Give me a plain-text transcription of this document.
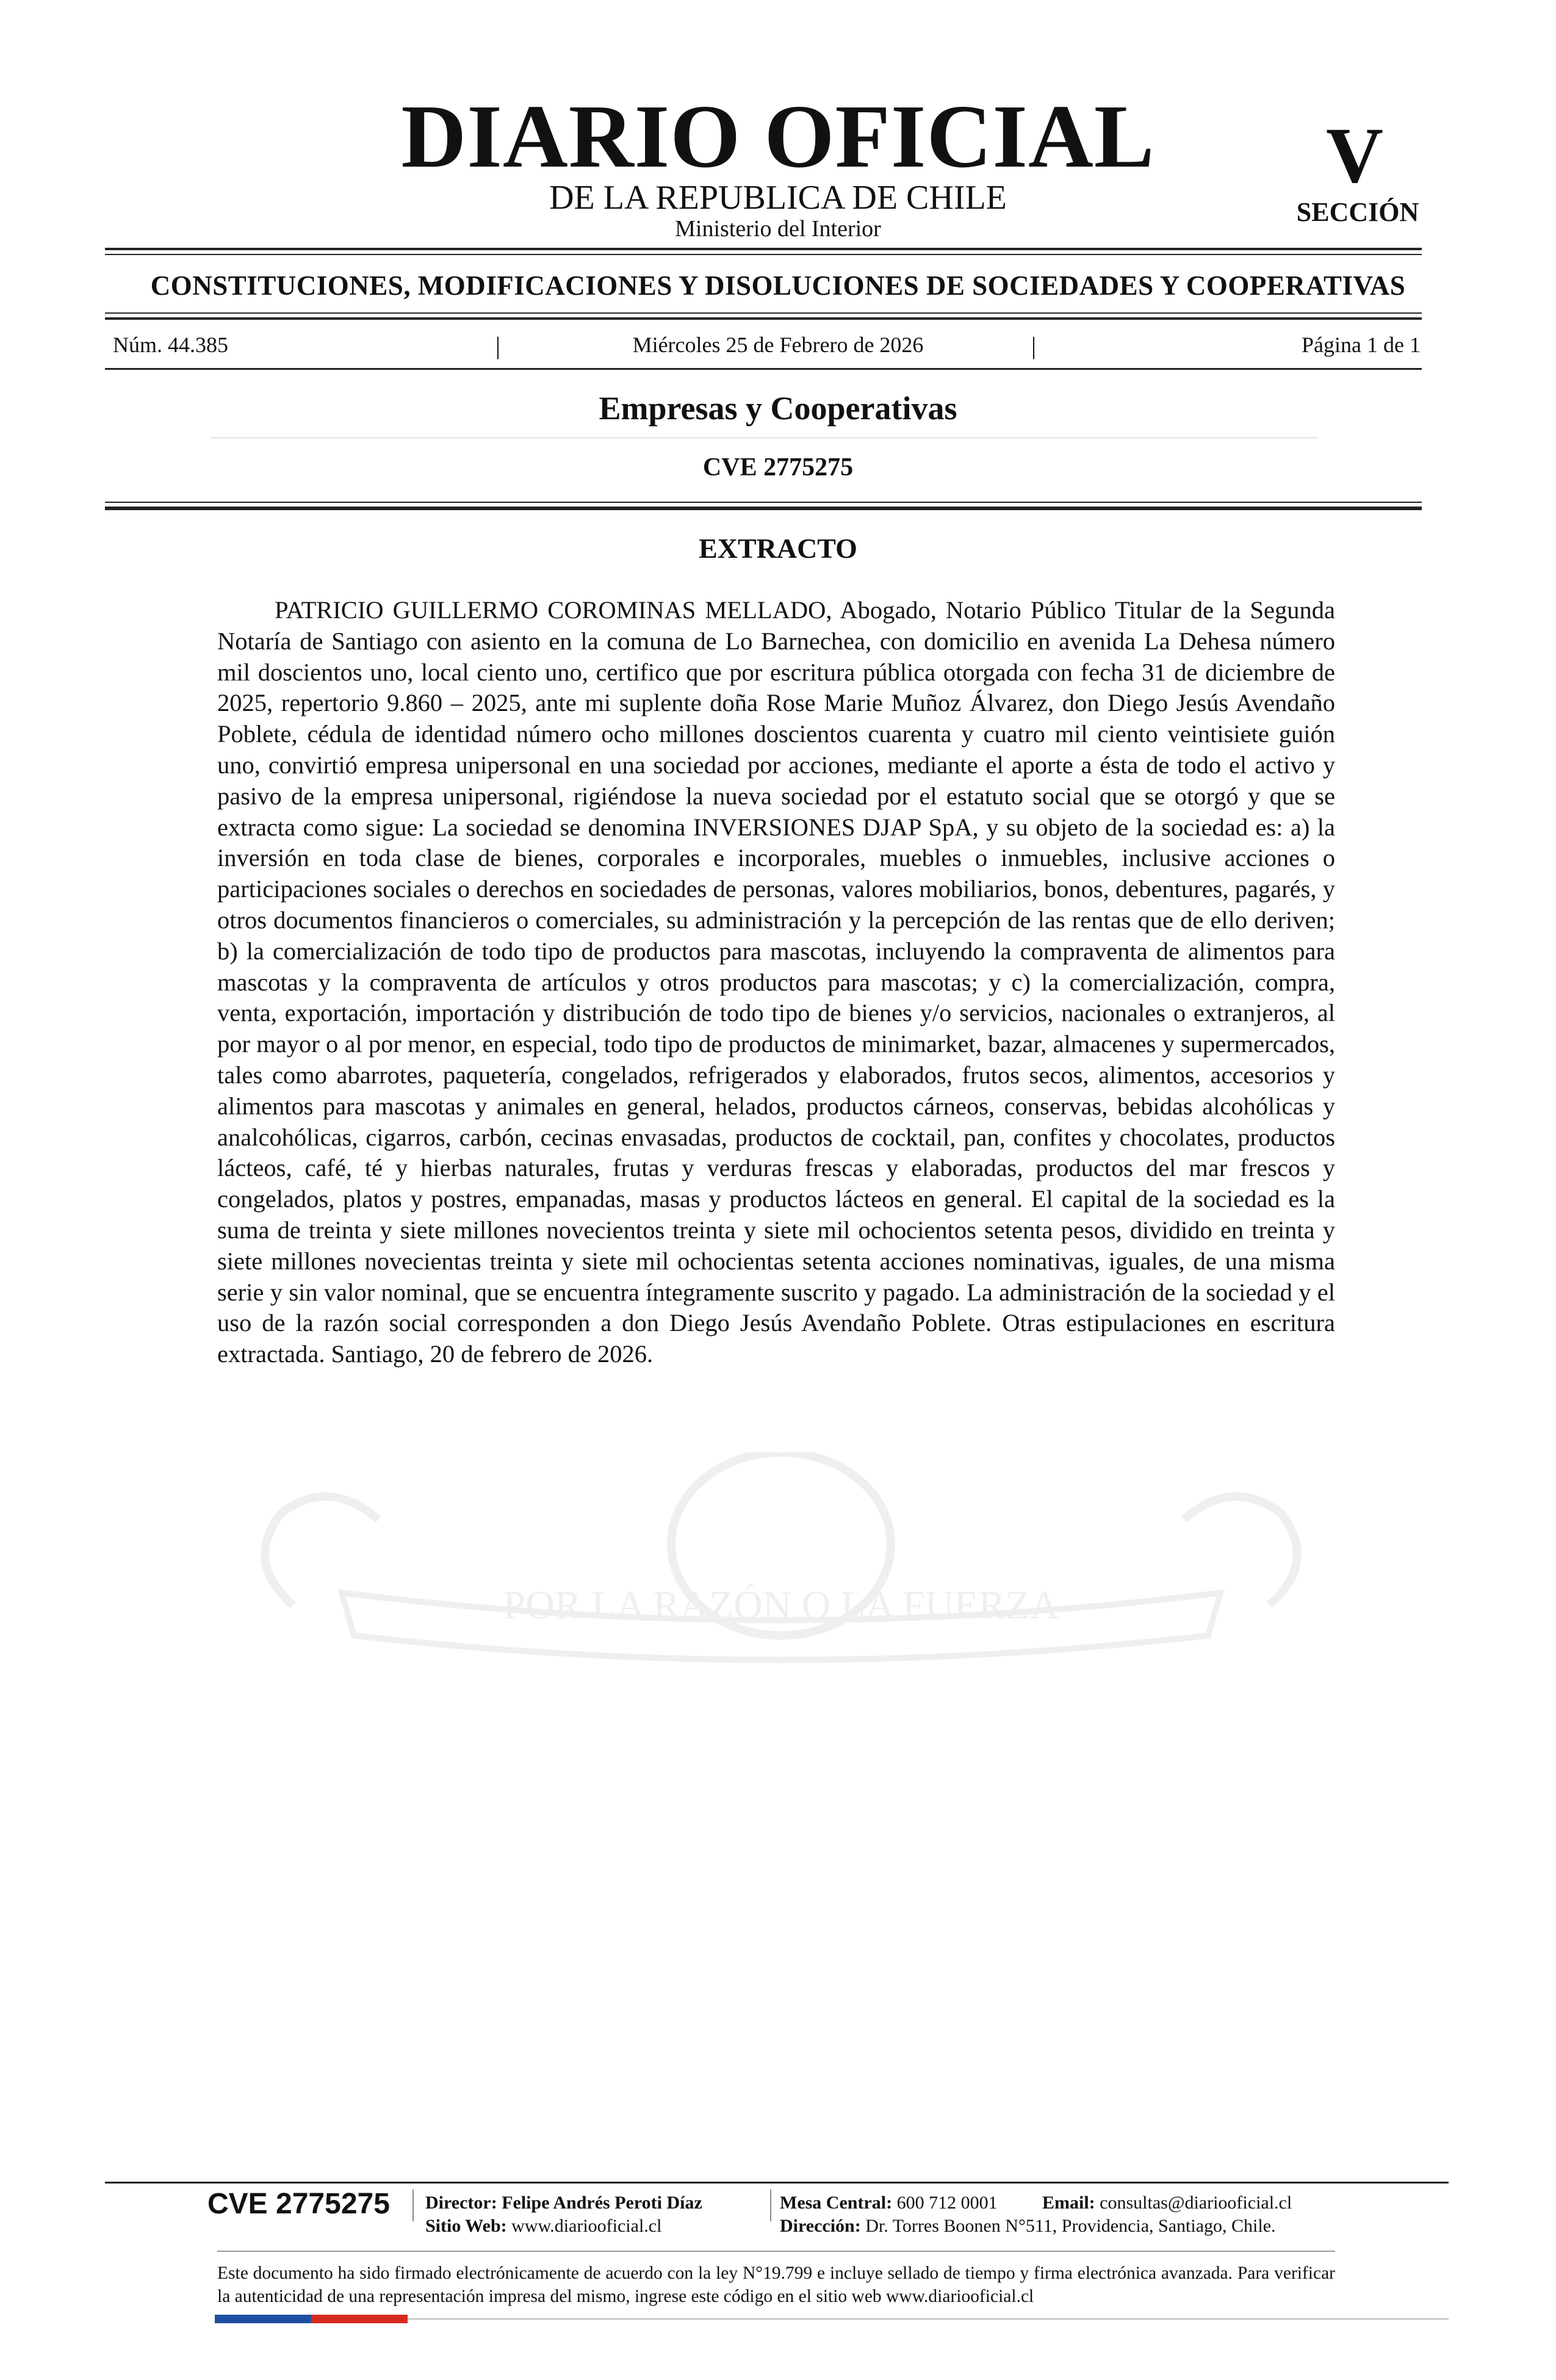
DIARIO OFICIAL
DE LA REPUBLICA DE CHILE
Ministerio del Interior
V
SECCIÓN
CONSTITUCIONES, MODIFICACIONES Y DISOLUCIONES DE SOCIEDADES Y COOPERATIVAS
Núm. 44.385	|	Miércoles 25 de Febrero de 2026	|	Página 1 de 1
Empresas y Cooperativas
CVE 2775275
EXTRACTO
PATRICIO GUILLERMO COROMINAS MELLADO, Abogado, Notario Público Titular de la Segunda Notaría de Santiago con asiento en la comuna de Lo Barnechea, con domicilio en avenida La Dehesa número mil doscientos uno, local ciento uno, certifico que por escritura pública otorgada con fecha 31 de diciembre de 2025, repertorio 9.860 – 2025, ante mi suplente doña Rose Marie Muñoz Álvarez, don Diego Jesús Avendaño Poblete, cédula de identidad número ocho millones doscientos cuarenta y cuatro mil ciento veintisiete guión uno, convirtió empresa unipersonal en una sociedad por acciones, mediante el aporte a ésta de todo el activo y pasivo de la empresa unipersonal, rigiéndose la nueva sociedad por el estatuto social que se otorgó y que se extracta como sigue: La sociedad se denomina INVERSIONES DJAP SpA, y su objeto de la sociedad es: a) la inversión en toda clase de bienes, corporales e incorporales, muebles o inmuebles, inclusive acciones o participaciones sociales o derechos en sociedades de personas, valores mobiliarios, bonos, debentures, pagarés, y otros documentos financieros o comerciales, su administración y la percepción de las rentas que de ello deriven; b) la comercialización de todo tipo de productos para mascotas, incluyendo la compraventa de alimentos para mascotas y la compraventa de artículos y otros productos para mascotas; y c) la comercialización, compra, venta, exportación, importación y distribución de todo tipo de bienes y/o servicios, nacionales o extranjeros, al por mayor o al por menor, en especial, todo tipo de productos de minimarket, bazar, almacenes y supermercados, tales como abarrotes, paquetería, congelados, refrigerados y elaborados, frutos secos, alimentos, accesorios y alimentos para mascotas y animales en general, helados, productos cárneos, conservas, bebidas alcohólicas y analcohólicas, cigarros, carbón, cecinas envasadas, productos de cocktail, pan, confites y chocolates, productos lácteos, café, té y hierbas naturales, frutas y verduras frescas y elaboradas, productos del mar frescos y congelados, platos y postres, empanadas, masas y productos lácteos en general. El capital de la sociedad es la suma de treinta y siete millones novecientos treinta y siete mil ochocientos setenta pesos, dividido en treinta y siete millones novecientas treinta y siete mil ochocientas setenta acciones nominativas, iguales, de una misma serie y sin valor nominal, que se encuentra íntegramente suscrito y pagado. La administración de la sociedad y el uso de la razón social corresponden a don Diego Jesús Avendaño Poblete. Otras estipulaciones en escritura extractada. Santiago, 20 de febrero de 2026.
POR LA RAZÓN O LA FUERZA
CVE 2775275 Director: Felipe Andrés Peroti Díaz
Sitio Web: www.diariooficial.cl
Mesa Central: 600 712 0001 Email: consultas@diariooficial.cl
Dirección: Dr. Torres Boonen N°511, Providencia, Santiago, Chile.
Este documento ha sido firmado electrónicamente de acuerdo con la ley N°19.799 e incluye sellado de tiempo y firma electrónica avanzada. Para verificar la autenticidad de una representación impresa del mismo, ingrese este código en el sitio web www.diariooficial.cl
